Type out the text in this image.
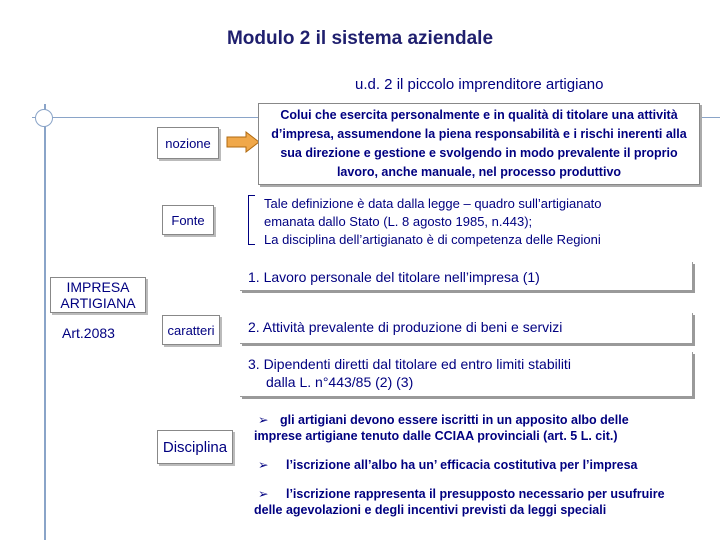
Modulo 2 il sistema aziendale
u.d. 2 il piccolo imprenditore artigiano
nozione
Colui che esercita personalmente e in qualità di titolare una attività d’impresa, assumendone la piena responsabilità e i rischi inerenti alla sua direzione e gestione e svolgendo in modo prevalente il proprio lavoro, anche manuale, nel processo produttivo
Fonte
Tale definizione è data dalla legge – quadro sull’artigianato
emanata dallo Stato (L. 8 agosto 1985, n.443);
La disciplina dell’artigianato è di competenza delle Regioni
IMPRESA ARTIGIANA
Art.2083	caratteri
1. Lavoro personale del titolare nell’impresa (1)
2. Attività prevalente di produzione di beni e servizi
3. Dipendenti diretti dal titolare ed entro limiti stabiliti
dalla L. n°443/85 (2) (3)
Disciplina
➢ gli artigiani devono essere iscritti in un apposito albo delle
imprese artigiane tenuto dalle CCIAA provinciali (art. 5 L. cit.)
➢ l’iscrizione all’albo ha un’ efficacia costitutiva per l’impresa
➢ l’iscrizione rappresenta il presupposto necessario per usufruire
delle agevolazioni e degli incentivi previsti da leggi speciali
